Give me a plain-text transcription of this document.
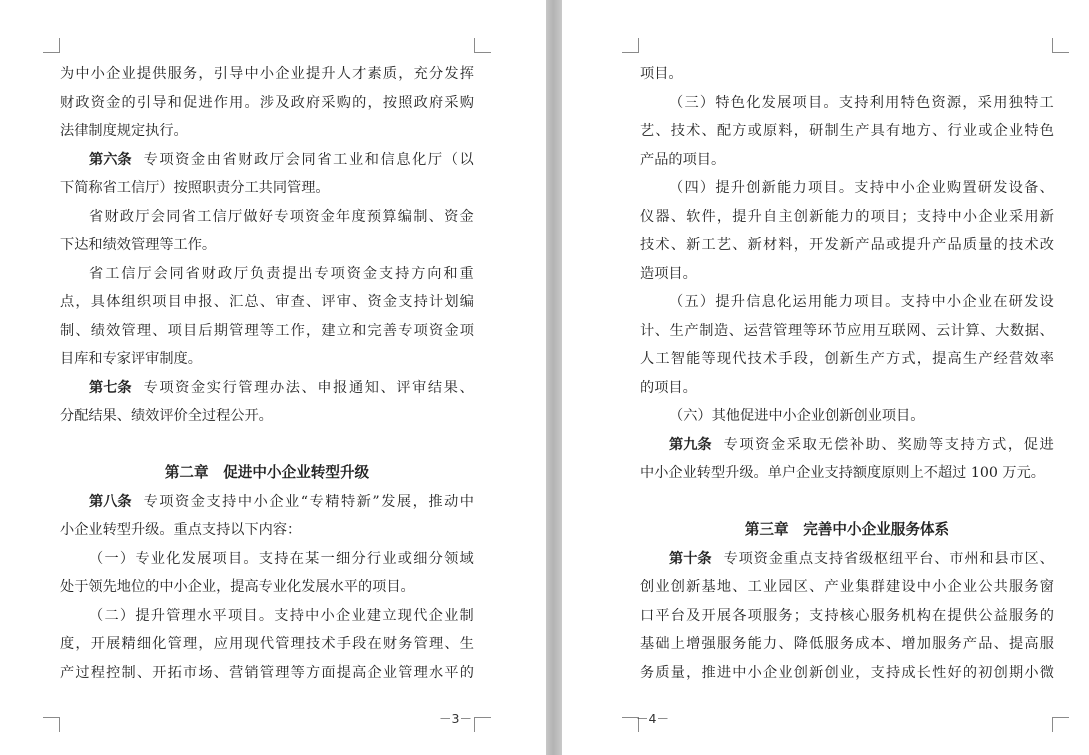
为 中 小 企 业 提 供 服 务 ， 引 导 中 小 企 业 提 升 人 才 素 质 ， 充 分 发 挥
财 政 资 金 的 引 导 和 促 进 作 用 。 涉 及 政 府 采 购 的 ， 按 照 政 府 采 购
法律制度规定执行。
第六条 专 项 资 金 由 省 财 政 厅 会 同 省 工 业 和 信 息 化 厅 （ 以
下简称省工信厅）按照职责分工共同管理。
省 财 政 厅 会 同 省 工 信 厅 做 好 专 项 资 金 年 度 预 算 编 制 、 资 金
下达和绩效管理等工作。
省 工 信 厅 会 同 省 财 政 厅 负 责 提 出 专 项 资 金 支 持 方 向 和 重
点 ， 具 体 组 织 项 目 申 报 、 汇 总 、 审 查 、 评 审 、 资 金 支 持 计 划 编
制 、 绩 效 管 理 、 项 目 后 期 管 理 等 工 作 ， 建 立 和 完 善 专 项 资 金 项
目库和专家评审制度。
第七条 专 项 资 金 实 行 管 理 办 法 、 申 报 通 知 、 评 审 结 果 、
分配结果、绩效评价全过程公开。
第二章　促进中小企业转型升级
第八条 专 项 资 金 支 持 中 小 企 业 “ 专 精 特 新 ” 发 展 ， 推 动 中
小企业转型升级。重点支持以下内容：
（ 一 ） 专 业 化 发 展 项 目 。 支 持 在 某 一 细 分 行 业 或 细 分 领 域
处于领先地位的中小企业，提高专业化发展水平的项目。
（ 二 ） 提 升 管 理 水 平 项 目 。 支 持 中 小 企 业 建 立 现 代 企 业 制
度 ， 开 展 精 细 化 管 理 ， 应 用 现 代 管 理 技 术 手 段 在 财 务 管 理 、 生
产 过 程 控 制 、 开 拓 市 场 、 营 销 管 理 等 方 面 提 高 企 业 管 理 水 平 的
－3－
项目。
（ 三 ） 特 色 化 发 展 项 目 。 支 持 利 用 特 色 资 源 ， 采 用 独 特 工
艺 、 技 术 、 配 方 或 原 料 ， 研 制 生 产 具 有 地 方 、 行 业 或 企 业 特 色
产品的项目。
（ 四 ） 提 升 创 新 能 力 项 目 。 支 持 中 小 企 业 购 置 研 发 设 备 、
仪 器 、 软 件 ， 提 升 自 主 创 新 能 力 的 项 目 ； 支 持 中 小 企 业 采 用 新
技 术 、 新 工 艺 、 新 材 料 ， 开 发 新 产 品 或 提 升 产 品 质 量 的 技 术 改
造项目。
（ 五 ） 提 升 信 息 化 运 用 能 力 项 目 。 支 持 中 小 企 业 在 研 发 设
计 、 生 产 制 造 、 运 营 管 理 等 环 节 应 用 互 联 网 、 云 计 算 、 大 数 据 、
人 工 智 能 等 现 代 技 术 手 段 ， 创 新 生 产 方 式 ， 提 高 生 产 经 营 效 率
的项目。
（六）其他促进中小企业创新创业项目。
第九条 专 项 资 金 采 取 无 偿 补 助 、 奖 励 等 支 持 方 式 ， 促 进
中小企业转型升级。单户企业支持额度原则上不超过 100 万元。
第三章　完善中小企业服务体系
第十条 专 项 资 金 重 点 支 持 省 级 枢 纽 平 台 、 市 州 和 县 市 区 、
创 业 创 新 基 地 、 工 业 园 区 、 产 业 集 群 建 设 中 小 企 业 公 共 服 务 窗
口 平 台 及 开 展 各 项 服 务 ； 支 持 核 心 服 务 机 构 在 提 供 公 益 服 务 的
基 础 上 增 强 服 务 能 力 、 降 低 服 务 成 本 、 增 加 服 务 产 品 、 提 高 服
务 质 量 ， 推 进 中 小 企 业 创 新 创 业 ， 支 持 成 长 性 好 的 初 创 期 小 微
－4－
